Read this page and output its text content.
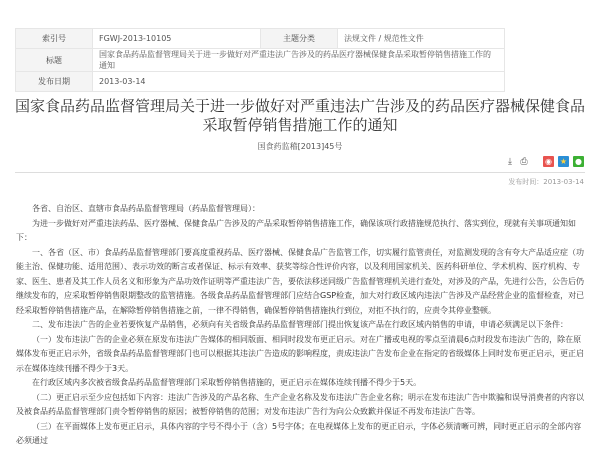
索引号	FGWJ-2013-10105	主题分类	法规文件 / 规范性文件
标题	国家食品药品监督管理局关于进一步做好对严重违法广告涉及的药品医疗器械保健食品采取暂停销售措施工作的通知		
发布日期	2013-03-14		
国家食品药品监督管理局关于进一步做好对严重违法广告涉及的药品医疗器械保健食品采取暂停销售措施工作的通知
国食药监稽[2013]45号
⤓ ⎙ ◉ ★ ●
发布时间：2013-03-14

各省、自治区、直辖市食品药品监督管理局（药品监督管理局）：

为进一步做好对严重违法药品、医疗器械、保健食品广告涉及的产品采取暂停销售措施工作，确保该项行政措施规范执行、落实到位，现就有关事项通知如下：

一、各省（区、市）食品药品监督管理部门要高度重视药品、医疗器械、保健食品广告监管工作，切实履行监管责任，对监测发现的含有夸大产品适应症（功能主治、保健功能、适用范围）、表示功效的断言或者保证、标示有效率、获奖等综合性评价内容，以及利用国家机关、医药科研单位、学术机构、医疗机构、专家、医生、患者及其工作人员名义和形象为产品功效作证明等严重违法广告，要依法移送同级广告监督管理机关进行查处，对涉及的产品，先进行公告，公告后仍继续发布的，应采取暂停销售限期整改的监管措施。各级食品药品监督管理部门应结合GSP检查，加大对行政区域内违法广告涉及产品经营企业的监督检查，对已经采取暂停销售措施产品，在解除暂停销售措施之前，一律不得销售，确保暂停销售措施执行到位，对拒不执行的，应责令其停业整顿。

二、发布违法广告的企业若要恢复产品销售，必须向有关省级食品药品监督管理部门提出恢复该产品在行政区域内销售的申请，申请必须满足以下条件：

（一）发布违法广告的企业必须在原发布违法广告媒体的相同版面、相同时段发布更正启示。对在广播或电视的零点至清晨6点时段发布违法广告的，除在原媒体发布更正启示外，省级食品药品监督管理部门也可以根据其违法广告造成的影响程度，责成违法广告发布企业在指定的省级媒体上同时发布更正启示，更正启示在媒体连续刊播不得少于3天。

在行政区域内多次被省级食品药品监督管理部门采取暂停销售措施的，更正启示在媒体连续刊播不得少于5天。

（二）更正启示至少应包括如下内容：违法广告涉及的产品名称、生产企业名称及发布违法广告企业名称；明示在发布违法广告中欺骗和误导消费者的内容以及被食品药品监督管理部门责令暂停销售的原因；被暂停销售的范围；对发布违法广告行为向公众致歉并保证不再发布违法广告等。

（三）在平面媒体上发布更正启示，具体内容的字号不得小于（含）5号字体；在电视媒体上发布的更正启示，字体必须清晰可辨，同时更正启示的全部内容必须通过
